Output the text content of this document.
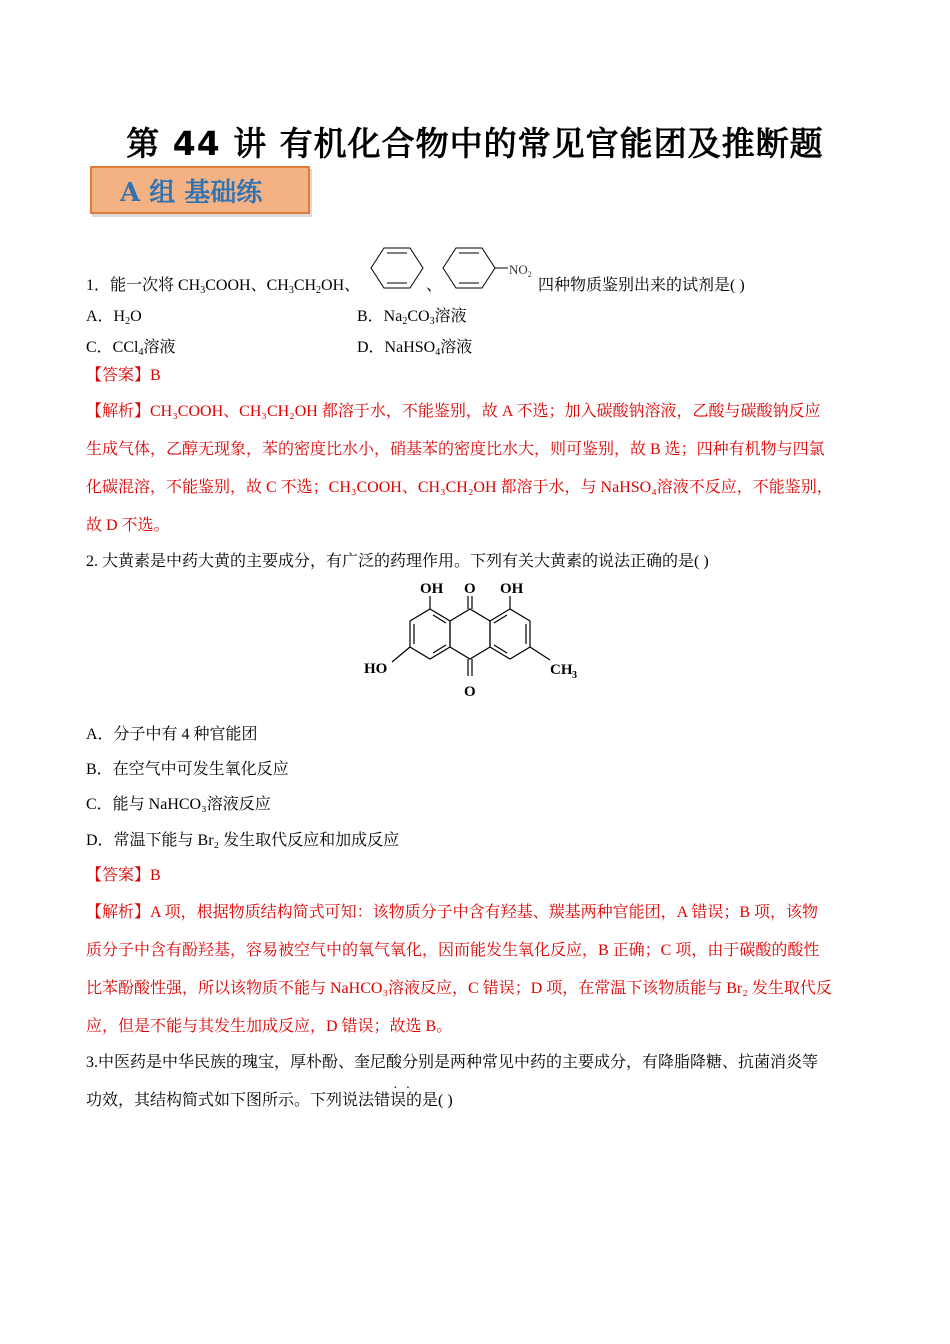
第 44 讲 有机化合物中的常见官能团及推断题
A 组 基础练
1．能一次将 $CH_3COOH$、$CH_3CH_2OH$、	、
$NO_2$
四种物质鉴别出来的试剂是( )
A．$H_2O$	B．$Na_2CO_3$溶液
C．CCl$_4$溶液	D．NaHSO$_4$溶液
【答案】B
【解析】CH₃COOH、CH₃CH₂OH 都溶于水，不能鉴别，故 A 不选；加入碳酸钠溶液，乙酸与碳酸钠反应
生成气体，乙醇无现象，苯的密度比水小，硝基苯的密度比水大，则可鉴别，故 B 选；四种有机物与四氯
化碳混溶，不能鉴别，故 C 不选；CH₃COOH、CH₃CH₂OH 都溶于水，与 NaHSO₄溶液不反应，不能鉴别，
故 D 不选。
2. 大黄素是中药大黄的主要成分，有广泛的药理作用。下列有关大黄素的说法正确的是( )
OH O OH
HO	CH 3
O
A．分子中有 4 种官能团
B．在空气中可发生氧化反应
C．能与 NaHCO₃溶液反应
D．常温下能与 Br₂ 发生取代反应和加成反应
【答案】B
【解析】A 项，根据物质结构简式可知：该物质分子中含有羟基、羰基两种官能团，A 错误；B 项，该物
质分子中含有酚羟基，容易被空气中的氧气氧化，因而能发生氧化反应，B 正确；C 项，由于碳酸的酸性
比苯酚酸性强，所以该物质不能与 NaHCO₃溶液反应，C 错误；D 项，在常温下该物质能与 Br₂ 发生取代反
应，但是不能与其发生加成反应，D 错误；故选 B。
3.中医药是中华民族的瑰宝，厚朴酚、奎尼酸分别是两种常见中药的主要成分，有降脂降糖、抗菌消炎等
功效，其结构简式如下图所示。下列说法错误的是( )
··
